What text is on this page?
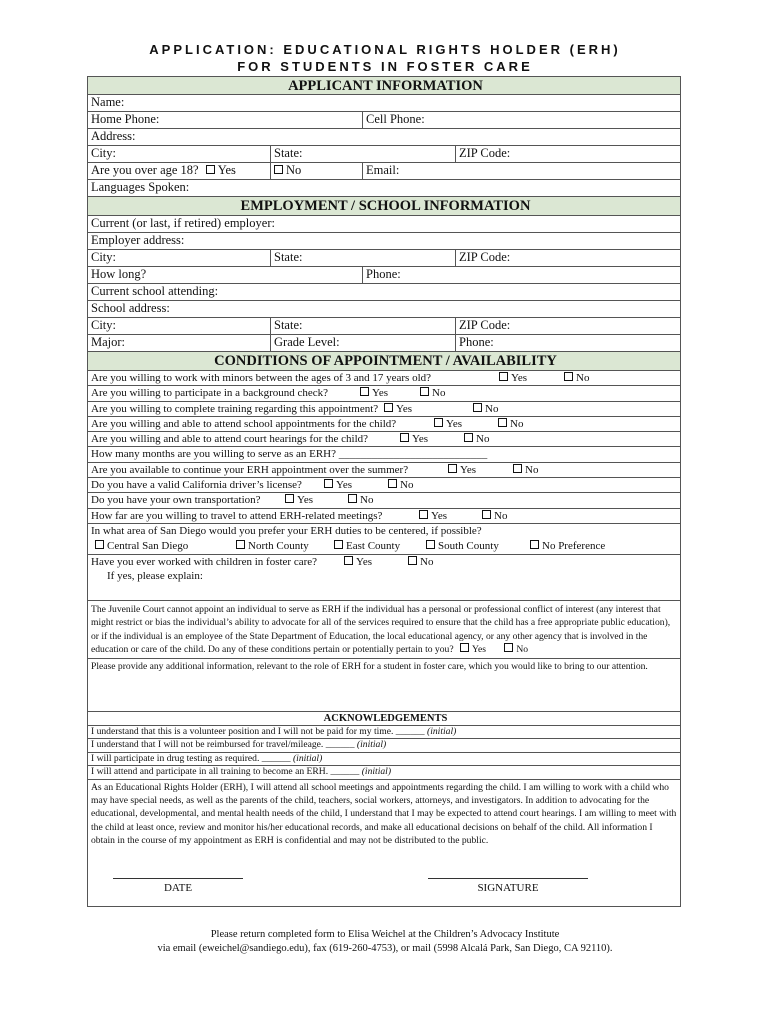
APPLICATION: EDUCATIONAL RIGHTS HOLDER (ERH)
FOR STUDENTS IN FOSTER CARE
APPLICANT INFORMATION
Name:
Home Phone:	Cell Phone:
Address:
City:	State:	ZIP Code:
Are you over age 18? Yes	No	Email:
Languages Spoken:
EMPLOYMENT / SCHOOL INFORMATION
Current (or last, if retired) employer:
Employer address:
City:	State:	ZIP Code:
How long?	Phone:
Current school attending:
School address:
City:	State:	ZIP Code:
Major:	Grade Level:	Phone:
CONDITIONS OF APPOINTMENT / AVAILABILITY
Are you willing to work with minors between the ages of 3 and 17 years old?	Yes	No
Are you willing to participate in a background check?	Yes	No
Are you willing to complete training regarding this appointment?	Yes	No
Are you willing and able to attend school appointments for the child?	Yes	No
Are you willing and able to attend court hearings for the child?	Yes	No
How many months are you willing to serve as an ERH? ___________________________
Are you available to continue your ERH appointment over the summer?	Yes	No
Do you have a valid California driver’s license?	Yes	No
Do you have your own transportation?	Yes	No
How far are you willing to travel to attend ERH-related meetings?	Yes	No
In what area of San Diego would you prefer your ERH duties to be centered, if possible?
Central San Diego	North County	East County	South County	No Preference
Have you ever worked with children in foster care?	Yes	No
If yes, please explain:
The Juvenile Court cannot appoint an individual to serve as ERH if the individual has a personal or professional conflict of interest (any interest that might restrict or bias the individual’s ability to advocate for all of the services required to ensure that the child has a free appropriate public education), or if the individual is an employee of the State Department of Education, the local educational agency, or any other agency that is involved in the education or care of the child. Do any of these conditions pertain or potentially pertain to you? Yes	No
Please provide any additional information, relevant to the role of ERH for a student in foster care, which you would like to bring to our attention.
ACKNOWLEDGEMENTS
I understand that this is a volunteer position and I will not be paid for my time. ______ (initial)
I understand that I will not be reimbursed for travel/mileage. ______ (initial)
I will participate in drug testing as required. ______ (initial)
I will attend and participate in all training to become an ERH. ______ (initial)
As an Educational Rights Holder (ERH), I will attend all school meetings and appointments regarding the child. I am willing to work with a child who may have special needs, as well as the parents of the child, teachers, social workers, attorneys, and investigators. In addition to advocating for the educational, developmental, and mental health needs of the child, I understand that I may be expected to attend court hearings. I am willing to meet with the child at least once, review and monitor his/her educational records, and make all educational decisions on behalf of the child. All information I obtain in the course of my appointment as ERH is confidential and may not be distributed to the public.
DATE	SIGNATURE
Please return completed form to Elisa Weichel at the Children’s Advocacy Institute
via email (eweichel@sandiego.edu), fax (619-260-4753), or mail (5998 Alcalá Park, San Diego, CA 92110).
